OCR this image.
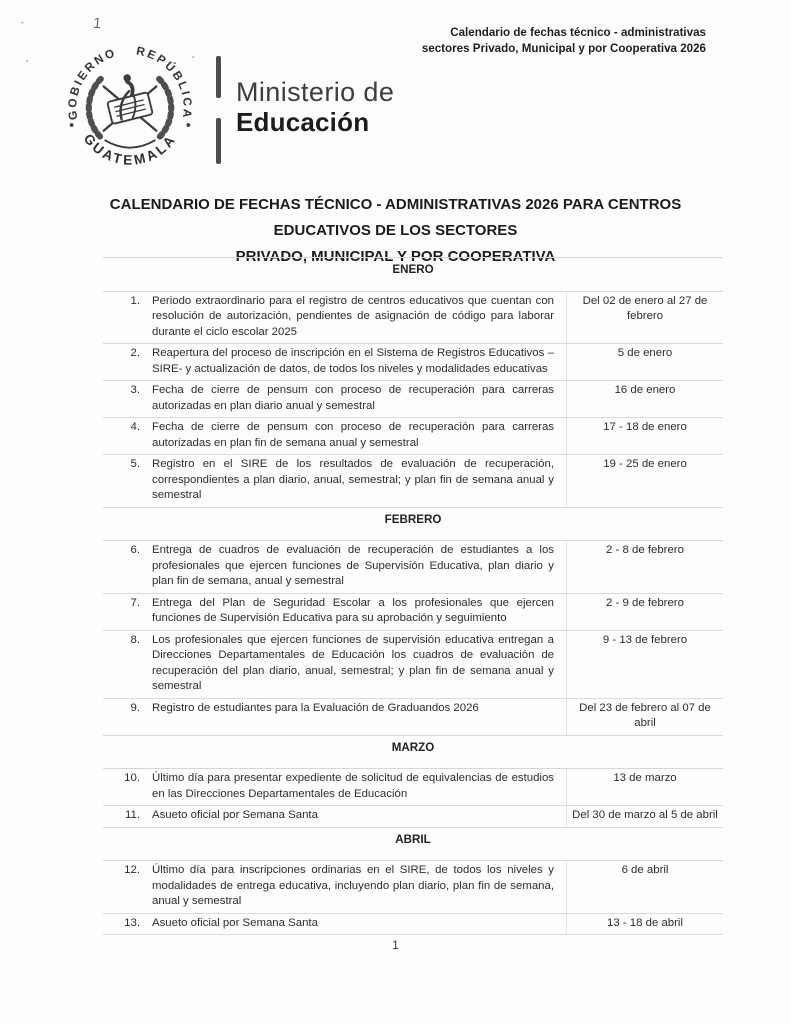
`	1
.	.
Calendario de fechas técnico - administrativas
sectores Privado, Municipal y por Cooperativa 2026
GOBIERNO REPÚBLICA
GUATEMALA
Ministerio de
Educación
CALENDARIO DE FECHAS TÉCNICO - ADMINISTRATIVAS 2026 PARA CENTROS
EDUCATIVOS DE LOS SECTORES
PRIVADO, MUNICIPAL Y POR COOPERATIVA
ENERO		
1.	Periodo extraordinario para el registro de centros educativos que cuentan con resolución de autorización, pendientes de asignación de código para laborar durante el ciclo escolar 2025	Del 02 de enero al 27 de febrero
2.	Reapertura del proceso de inscripción en el Sistema de Registros Educativos – SIRE- y actualización de datos, de todos los niveles y modalidades educativas	5 de enero
3.	Fecha de cierre de pensum con proceso de recuperación para carreras autorizadas en plan diario anual y semestral	16 de enero
4.	Fecha de cierre de pensum con proceso de recuperación para carreras autorizadas en plan fin de semana anual y semestral	17 - 18 de enero
5.	Registro en el SIRE de los resultados de evaluación de recuperación, correspondientes a plan diario, anual, semestral; y plan fin de semana anual y semestral	19 - 25 de enero
FEBRERO		
6.	Entrega de cuadros de evaluación de recuperación de estudiantes a los profesionales que ejercen funciones de Supervisión Educativa, plan diario y plan fin de semana, anual y semestral	2 - 8 de febrero
7.	Entrega del Plan de Seguridad Escolar a los profesionales que ejercen funciones de Supervisión Educativa para su aprobación y seguimiento	2 - 9 de febrero
8.	Los profesionales que ejercen funciones de supervisión educativa entregan a Direcciones Departamentales de Educación los cuadros de evaluación de recuperación del plan diario, anual, semestral; y plan fin de semana anual y semestral	9 - 13 de febrero
9.	Registro de estudiantes para la Evaluación de Graduandos 2026	Del 23 de febrero al 07 de abril
MARZO		
10.	Último día para presentar expediente de solicitud de equivalencias de estudios en las Direcciones Departamentales de Educación	13 de marzo
11.	Asueto oficial por Semana Santa	Del 30 de marzo al 5 de abril
ABRIL		
12.	Último día para inscripciones ordinarias en el SIRE, de todos los niveles y modalidades de entrega educativa, incluyendo plan diario, plan fin de semana, anual y semestral	6 de abril
13.	Asueto oficial por Semana Santa	13 - 18 de abril
1
